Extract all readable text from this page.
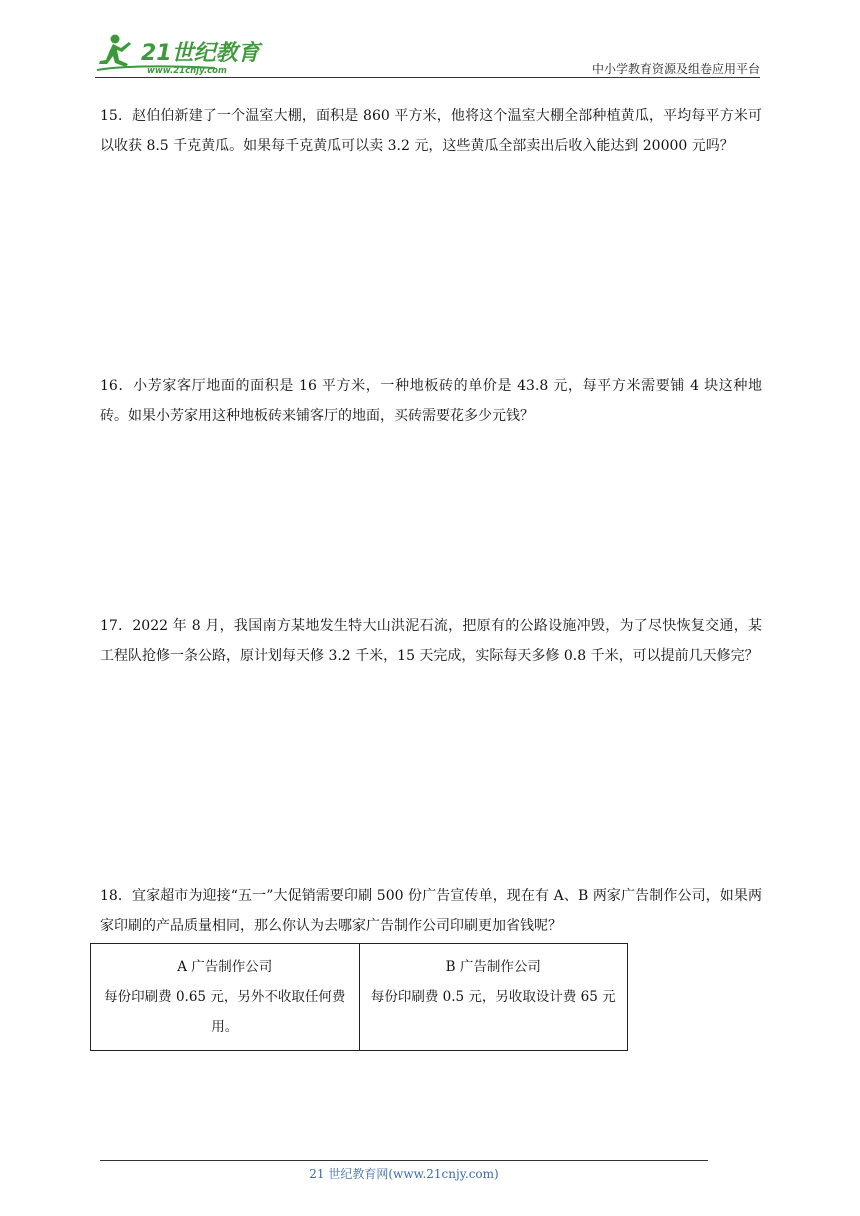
21世纪教育
www.21cnjy.com	中小学教育资源及组卷应用平台
15．赵伯伯新建了一个温室大棚，面积是 860 平方米，他将这个温室大棚全部种植黄瓜，平均每平方米可以收获 8.5 千克黄瓜。如果每千克黄瓜可以卖 3.2 元，这些黄瓜全部卖出后收入能达到 20000 元吗？
16．小芳家客厅地面的面积是 16 平方米，一种地板砖的单价是 43.8 元，每平方米需要铺 4 块这种地砖。如果小芳家用这种地板砖来铺客厅的地面，买砖需要花多少元钱？
17．2022 年 8 月，我国南方某地发生特大山洪泥石流，把原有的公路设施冲毁，为了尽快恢复交通，某工程队抢修一条公路，原计划每天修 3.2 千米，15 天完成，实际每天多修 0.8 千米，可以提前几天修完？
18．宜家超市为迎接“五一”大促销需要印刷 500 份广告宣传单，现在有 A、B 两家广告制作公司，如果两家印刷的产品质量相同，那么你认为去哪家广告制作公司印刷更加省钱呢？
A 广告制作公司
每份印刷费 0.65 元，另外不收取任何费用。

B 广告制作公司
每份印刷费 0.5 元，另收取设计费 65 元
21 世纪教育网(www.21cnjy.com)
